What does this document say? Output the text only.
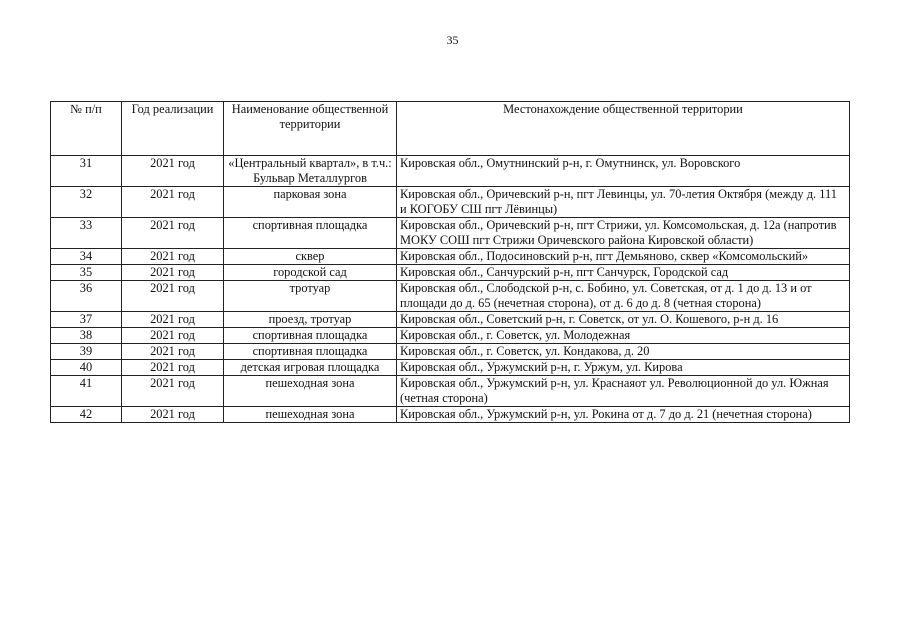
35
№ п/п	Год реализации	Наименование общественной территории	Местонахождение общественной территории
31	2021 год	«Центральный квартал», в т.ч.: Бульвар Металлургов	Кировская обл., Омутнинский р-н, г. Омутнинск, ул. Воровского
32	2021 год	парковая зона	Кировская обл., Оричевский р-н, пгт Левинцы, ул. 70-летия Октября (между д. 111 и КОГОБУ СШ пгт Лёвинцы)
33	2021 год	спортивная площадка	Кировская обл., Оричевский р-н, пгт Стрижи, ул. Комсомольская, д. 12а (напротив МОКУ СОШ пгт Стрижи Оричевского района Кировской области)
34	2021 год	сквер	Кировская обл., Подосиновский р-н, пгт Демьяново, сквер «Комсомольский»
35	2021 год	городской сад	Кировская обл., Санчурский р-н, пгт Санчурск, Городской сад
36	2021 год	тротуар	Кировская обл., Слободской р-н, с. Бобино, ул. Советская, от д. 1 до д. 13 и от площади до д. 65 (нечетная сторона), от д. 6 до д. 8 (четная сторона)
37	2021 год	проезд, тротуар	Кировская обл., Советский р-н, г. Советск, от ул. О. Кошевого, р-н д. 16
38	2021 год	спортивная площадка	Кировская обл., г. Советск, ул. Молодежная
39	2021 год	спортивная площадка	Кировская обл., г. Советск, ул. Кондакова, д. 20
40	2021 год	детская игровая площадка	Кировская обл., Уржумский р-н, г. Уржум, ул. Кирова
41	2021 год	пешеходная зона	Кировская обл., Уржумский р-н, ул. Краснаяот ул. Революционной до ул. Южная (четная сторона)
42	2021 год	пешеходная зона	Кировская обл., Уржумский р-н, ул. Рокина от д. 7 до д. 21 (нечетная сторона)
